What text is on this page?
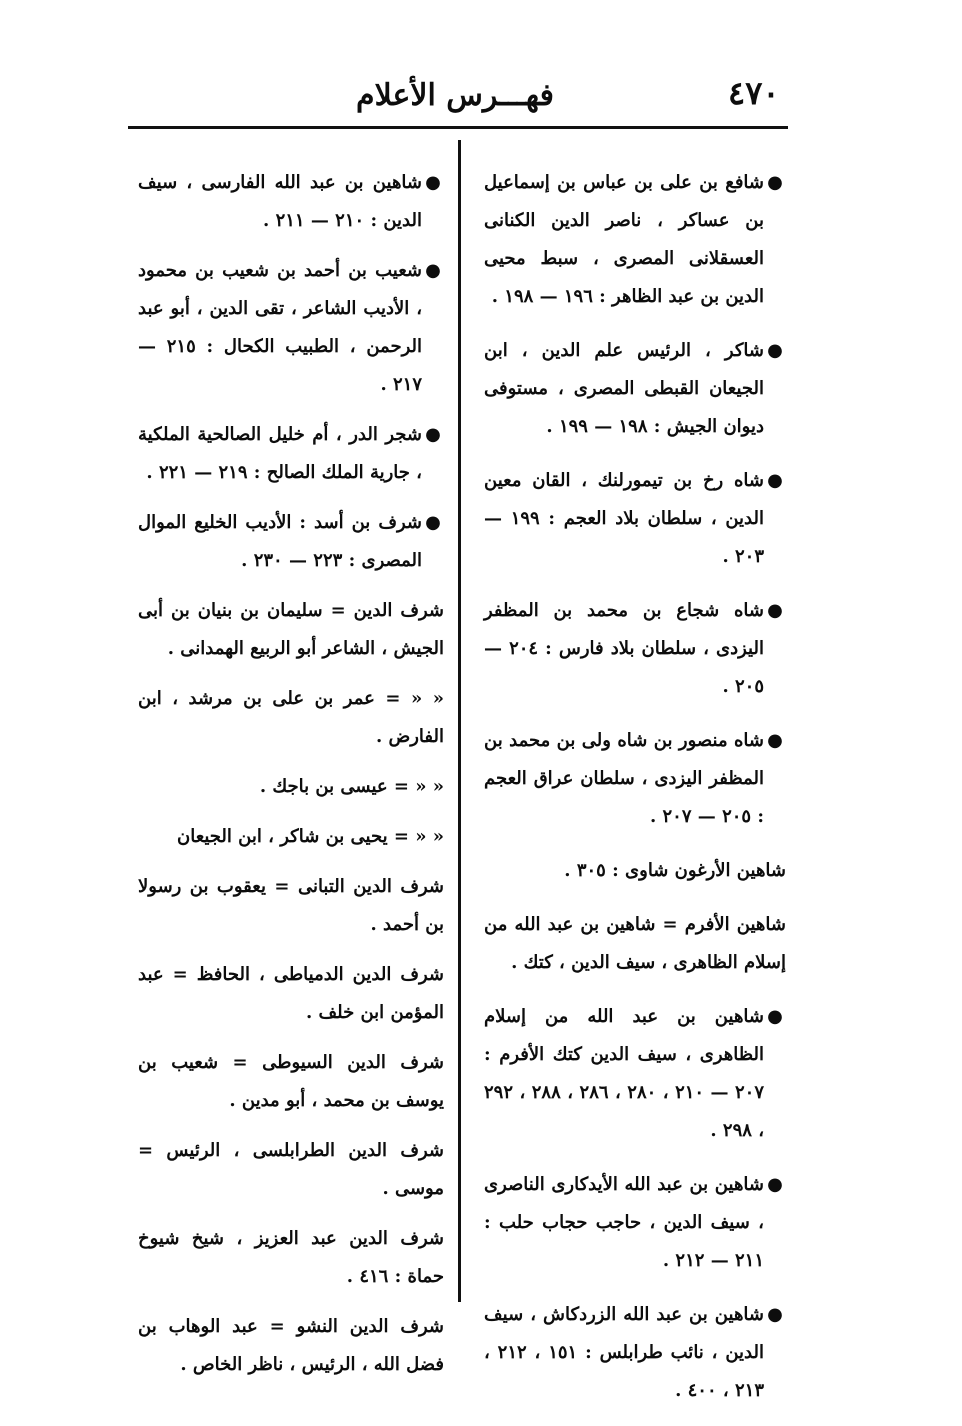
٤٧٠
فهـــرس الأعلام
●
شافع بن على بن عباس بن إسماعيل بن عساكر ، ناصر الدين الكنانى العسقلانى المصرى ، سبط محيى الدين بن عبد الظاهر : ١٩٦ — ١٩٨ .
●
شاكر ، الرئيس علم الدين ، ابن الجيعان القبطى المصرى ، مستوفى ديوان الجيش : ١٩٨ — ١٩٩ .
●
شاه رخ بن تيمورلنك ، القان معين الدين ، سلطان بلاد العجم : ١٩٩ — ٢٠٣ .
●
شاه شجاع بن محمد بن المظفر اليزدى ، سلطان بلاد فارس : ٢٠٤ — ٢٠٥ .
●
شاه منصور بن شاه ولى بن محمد بن المظفر اليزدى ، سلطان عراق العجم : ٢٠٥ — ٢٠٧ .
شاهين الأرغون شاوى : ٣٠٥ .
شاهين الأفرم = شاهين بن عبد الله من إسلام الظاهرى ، سيف الدين ، كتك .
●
شاهين بن عبد الله من إسلام الظاهرى ، سيف الدين كتك الأفرم : ٢٠٧ — ٢١٠ ، ٢٨٠ ، ٢٨٦ ، ٢٨٨ ، ٢٩٢ ، ٢٩٨ .
●
شاهين بن عبد الله الأيدكارى الناصرى ، سيف الدين ، حاجب حجاب حلب : ٢١١ — ٢١٢ .
●
شاهين بن عبد الله الزردكاش ، سيف الدين ، نائب طرابلس : ١٥١ ، ٢١٢ ، ٢١٣ ، ٤٠٠ .
●
شاهين بن عبد الله الفارسى ، سيف الدين : ٢١٠ — ٢١١ .
●
شعيب بن أحمد بن شعيب بن محمود ، الأديب الشاعر ، تقى الدين ، أبو عبد الرحمن ، الطبيب الكحال : ٢١٥ — ٢١٧ .
●
شجر الدر ، أم خليل الصالحية الملكية ، جارية الملك الصالح : ٢١٩ — ٢٢١ .
●
شرف بن أسد : الأديب الخليع الموال المصرى : ٢٢٣ — ٢٣٠ .
شرف الدين = سليمان بن بنيان بن أبى الجيش ، الشاعر أبو الربيع الهمدانى .
« « = عمر بن على بن مرشد ، ابن الفارض .
« « = عيسى بن باجك .
« « = يحيى بن شاكر ، ابن الجيعان
شرف الدين التبانى = يعقوب بن رسولا بن أحمد .
شرف الدين الدمياطى ، الحافظ = عبد المؤمن ابن خلف .
شرف الدين السيوطى = شعيب بن يوسف بن محمد ، أبو مدين .
شرف الدين الطرابلسى ، الرئيس = موسى .
شرف الدين عبد العزيز ، شيخ شيوخ حماة : ٤١٦ .
شرف الدين النشو = عبد الوهاب بن فضل الله ، الرئيس ، ناظر الخاص .
